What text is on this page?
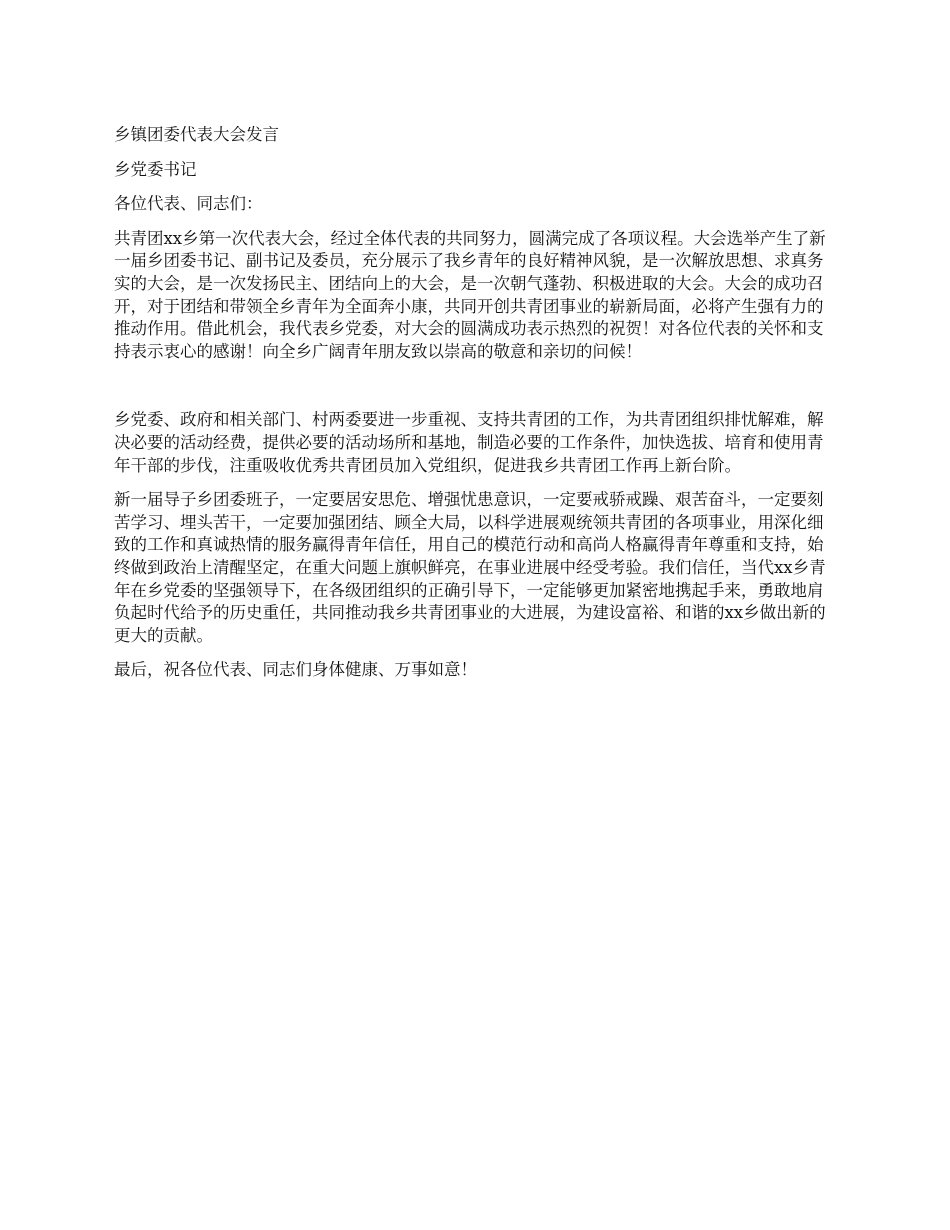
乡镇团委代表大会发言

乡党委书记

各位代表、同志们：

共青团xx乡第一次代表大会，经过全体代表的共同努力，圆满完成了各项议程。大会选举产生了新一届乡团委书记、副书记及委员，充分展示了我乡青年的良好精神风貌，是一次解放思想、求真务实的大会，是一次发扬民主、团结向上的大会，是一次朝气蓬勃、积极进取的大会。大会的成功召开，对于团结和带领全乡青年为全面奔小康，共同开创共青团事业的崭新局面，必将产生强有力的推动作用。借此机会，我代表乡党委，对大会的圆满成功表示热烈的祝贺！对各位代表的关怀和支持表示衷心的感谢！向全乡广阔青年朋友致以崇高的敬意和亲切的问候！

乡党委、政府和相关部门、村两委要进一步重视、支持共青团的工作，为共青团组织排忧解难，解决必要的活动经费，提供必要的活动场所和基地，制造必要的工作条件，加快选拔、培育和使用青年干部的步伐，注重吸收优秀共青团员加入党组织，促进我乡共青团工作再上新台阶。

新一届导子乡团委班子，一定要居安思危、增强忧患意识，一定要戒骄戒躁、艰苦奋斗，一定要刻苦学习、埋头苦干，一定要加强团结、顾全大局，以科学进展观统领共青团的各项事业，用深化细致的工作和真诚热情的服务赢得青年信任，用自己的模范行动和高尚人格赢得青年尊重和支持，始终做到政治上清醒坚定，在重大问题上旗帜鲜亮，在事业进展中经受考验。我们信任，当代xx乡青年在乡党委的坚强领导下，在各级团组织的正确引导下，一定能够更加紧密地携起手来，勇敢地肩负起时代给予的历史重任，共同推动我乡共青团事业的大进展，为建设富裕、和谐的xx乡做出新的更大的贡献。

最后，祝各位代表、同志们身体健康、万事如意！
